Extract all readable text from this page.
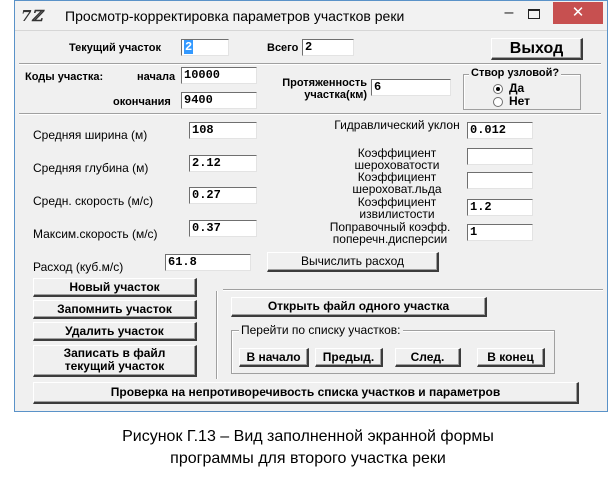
7ℤ Просмотр-корректировка параметров участков реки	–	✕
Текущий участок	2	Всего 2	Выход
Коды участка:	начала 10000
окончания 9400
Протяженность
участка(км)
6
Створ узловой?
Да
Нет
Средняя ширина (м)	108
Средняя глубина (м)	2.12
Средн. скорость (м/с)	0.27
Максим.скорость (м/с)	0.37
Расход (куб.м/с)	61.8
Гидравлический уклон 0.012
Коэффициент шероховатости
Коэффициент шероховат.льда
Коэффициент извилистости	1.2
Поправочный коэфф. поперечн.дисперсии	1
Вычислить расход
Новый участок
Запомнить участок
Удалить участок
Записать в файл текущий участок
Открыть файл одного участка
Перейти по списку участков:
В начало	Предыд.	След.	В конец
Проверка на непротиворечивость списка участков и параметров
Рисунок Г.13 – Вид заполненной экранной формы
программы для второго участка реки
